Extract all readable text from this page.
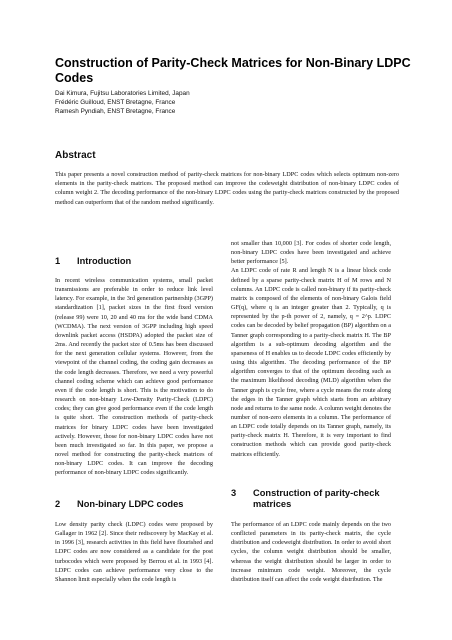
Construction of Parity-Check Matrices for Non-Binary LDPC Codes
Dai Kimura, Fujitsu Laboratories Limited, Japan
Frédéric Guilloud, ENST Bretagne, France
Ramesh Pyndiah, ENST Bretagne, France
Abstract
This paper presents a novel construction method of parity-check matrices for non-binary LDPC codes which selects optimum non-zero elements in the parity-check matrices. The proposed method can improve the codeweight distribution of non-binary LDPC codes of column weight 2. The decoding performance of the non-binary LDPC codes using the parity-check matrices constructed by the proposed method can outperform that of the random method significantly.
1 Introduction

In recent wireless communication systems, small packet transmissions are preferable in order to reduce link level latency. For example, in the 3rd generation partnership (3GPP) standardization [1], packet sizes in the first fixed version (release 99) were 10, 20 and 40 ms for the wide band CDMA (WCDMA). The next version of 3GPP including high speed downlink packet access (HSDPA) adopted the packet size of 2ms. And recently the packet size of 0.5ms has been discussed for the next generation cellular systems. However, from the viewpoint of the channel coding, the coding gain decreases as the code length decreases. Therefore, we need a very powerful channel coding scheme which can achieve good performance even if the code length is short. This is the motivation to do research on non-binary Low-Density Parity-Check (LDPC) codes; they can give good performance even if the code length is quite short. The construction methods of parity-check matrices for binary LDPC codes have been investigated actively. However, those for non-binary LDPC codes have not been much investigated so far. In this paper, we propose a novel method for constructing the parity-check matrices of non-binary LDPC codes. It can improve the decoding performance of non-binary LDPC codes significantly.

2 Non-binary LDPC codes

Low density parity check (LDPC) codes were proposed by Gallager in 1962 [2]. Since their rediscovery by MacKay et al. in 1996 [3], research activities in this field have flourished and LDPC codes are now considered as a candidate for the post turbocodes which were proposed by Berrou et al. in 1993 [4]. LDPC codes can achieve performance very close to the Shannon limit especially when the code length is

not smaller than 10,000 [3]. For codes of shorter code length, non-binary LDPC codes have been investigated and achieve better performance [5].

An LDPC code of rate R and length N is a linear block code defined by a sparse parity-check matrix H of M rows and N columns. An LDPC code is called non-binary if its parity-check matrix is composed of the elements of non-binary Galois field GF(q), where q is an integer greater than 2. Typically, q is represented by the p-th power of 2, namely, q = 2^p. LDPC codes can be decoded by belief propagation (BP) algorithm on a Tanner graph corresponding to a parity-check matrix H. The BP algorithm is a sub-optimum decoding algorithm and the sparseness of H enables us to decode LDPC codes efficiently by using this algorithm. The decoding performance of the BP algorithm converges to that of the optimum decoding such as the maximum likelihood decoding (MLD) algorithm when the Tanner graph is cycle free, where a cycle means the route along the edges in the Tanner graph which starts from an arbitrary node and returns to the same node. A column weight denotes the number of non-zero elements in a column. The performance of an LDPC code totally depends on its Tanner graph, namely, its parity-check matrix H. Therefore, it is very important to find construction methods which can provide good parity-check matrices efficiently.

3 Construction of parity-check matrices

The performance of an LDPC code mainly depends on the two conflicted parameters in its parity-check matrix, the cycle distribution and codeweight distribution. In order to avoid short cycles, the column weight distribution should be smaller, whereas the weight distribution should be larger in order to increase minimum code weight. Moreover, the cycle distribution itself can affect the code weight distribution. The
